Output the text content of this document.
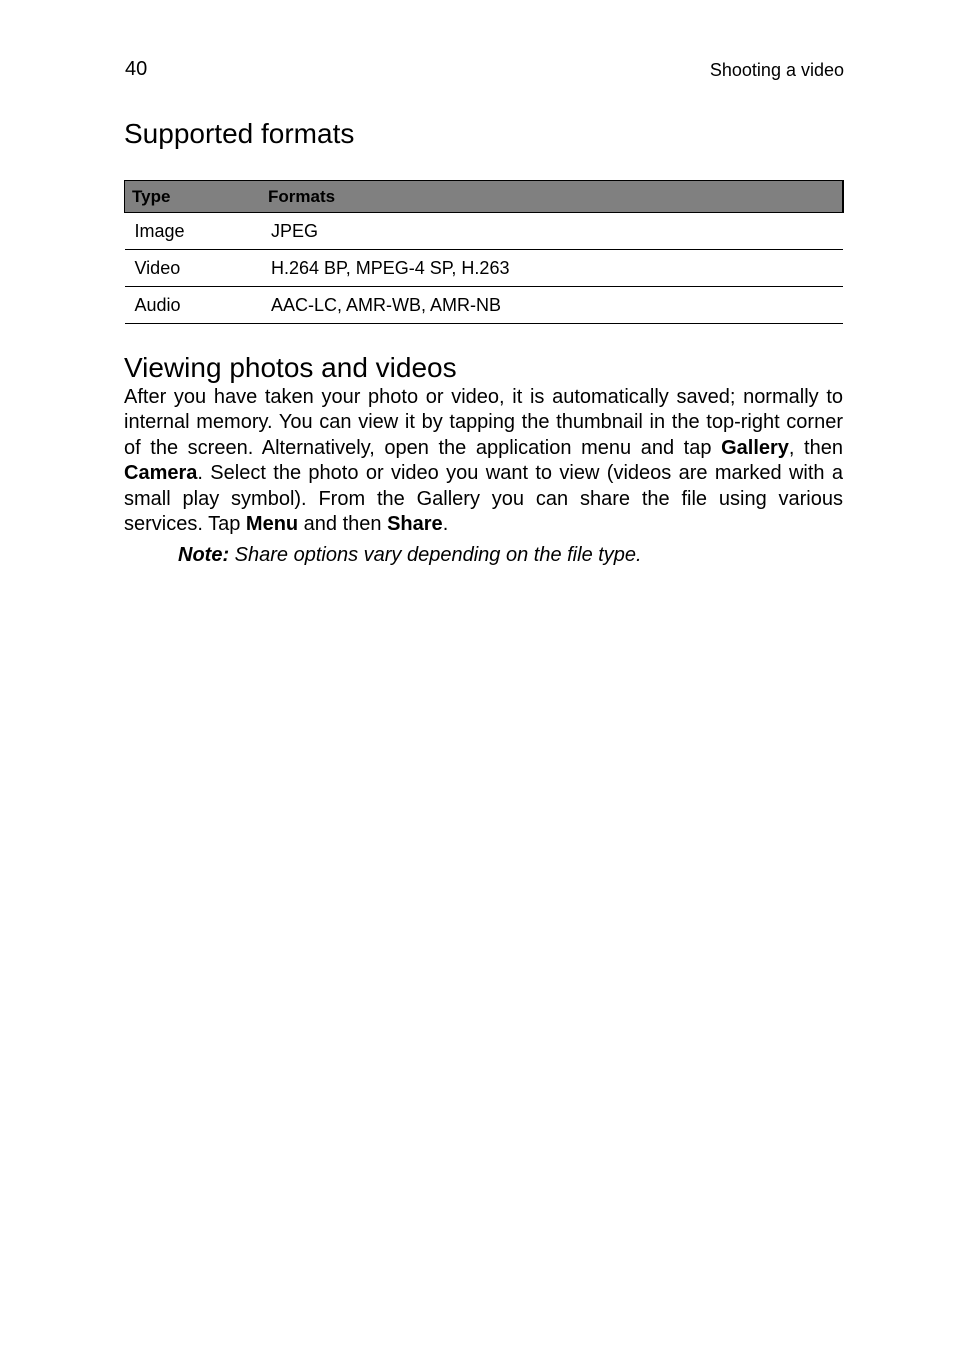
40	Shooting a video
Supported formats
Type	Formats
Image	JPEG
Video	H.264 BP, MPEG-4 SP, H.263
Audio	AAC-LC, AMR-WB, AMR-NB
Viewing photos and videos

After you have taken your photo or video, it is automatically saved; normally to internal memory. You can view it by tapping the thumbnail in the top-right corner of the screen. Alternatively, open the application menu and tap Gallery, then Camera. Select the photo or video you want to view (videos are marked with a small play symbol). From the Gallery you can share the file using various services. Tap Menu and then Share.

Note: Share options vary depending on the file type.
